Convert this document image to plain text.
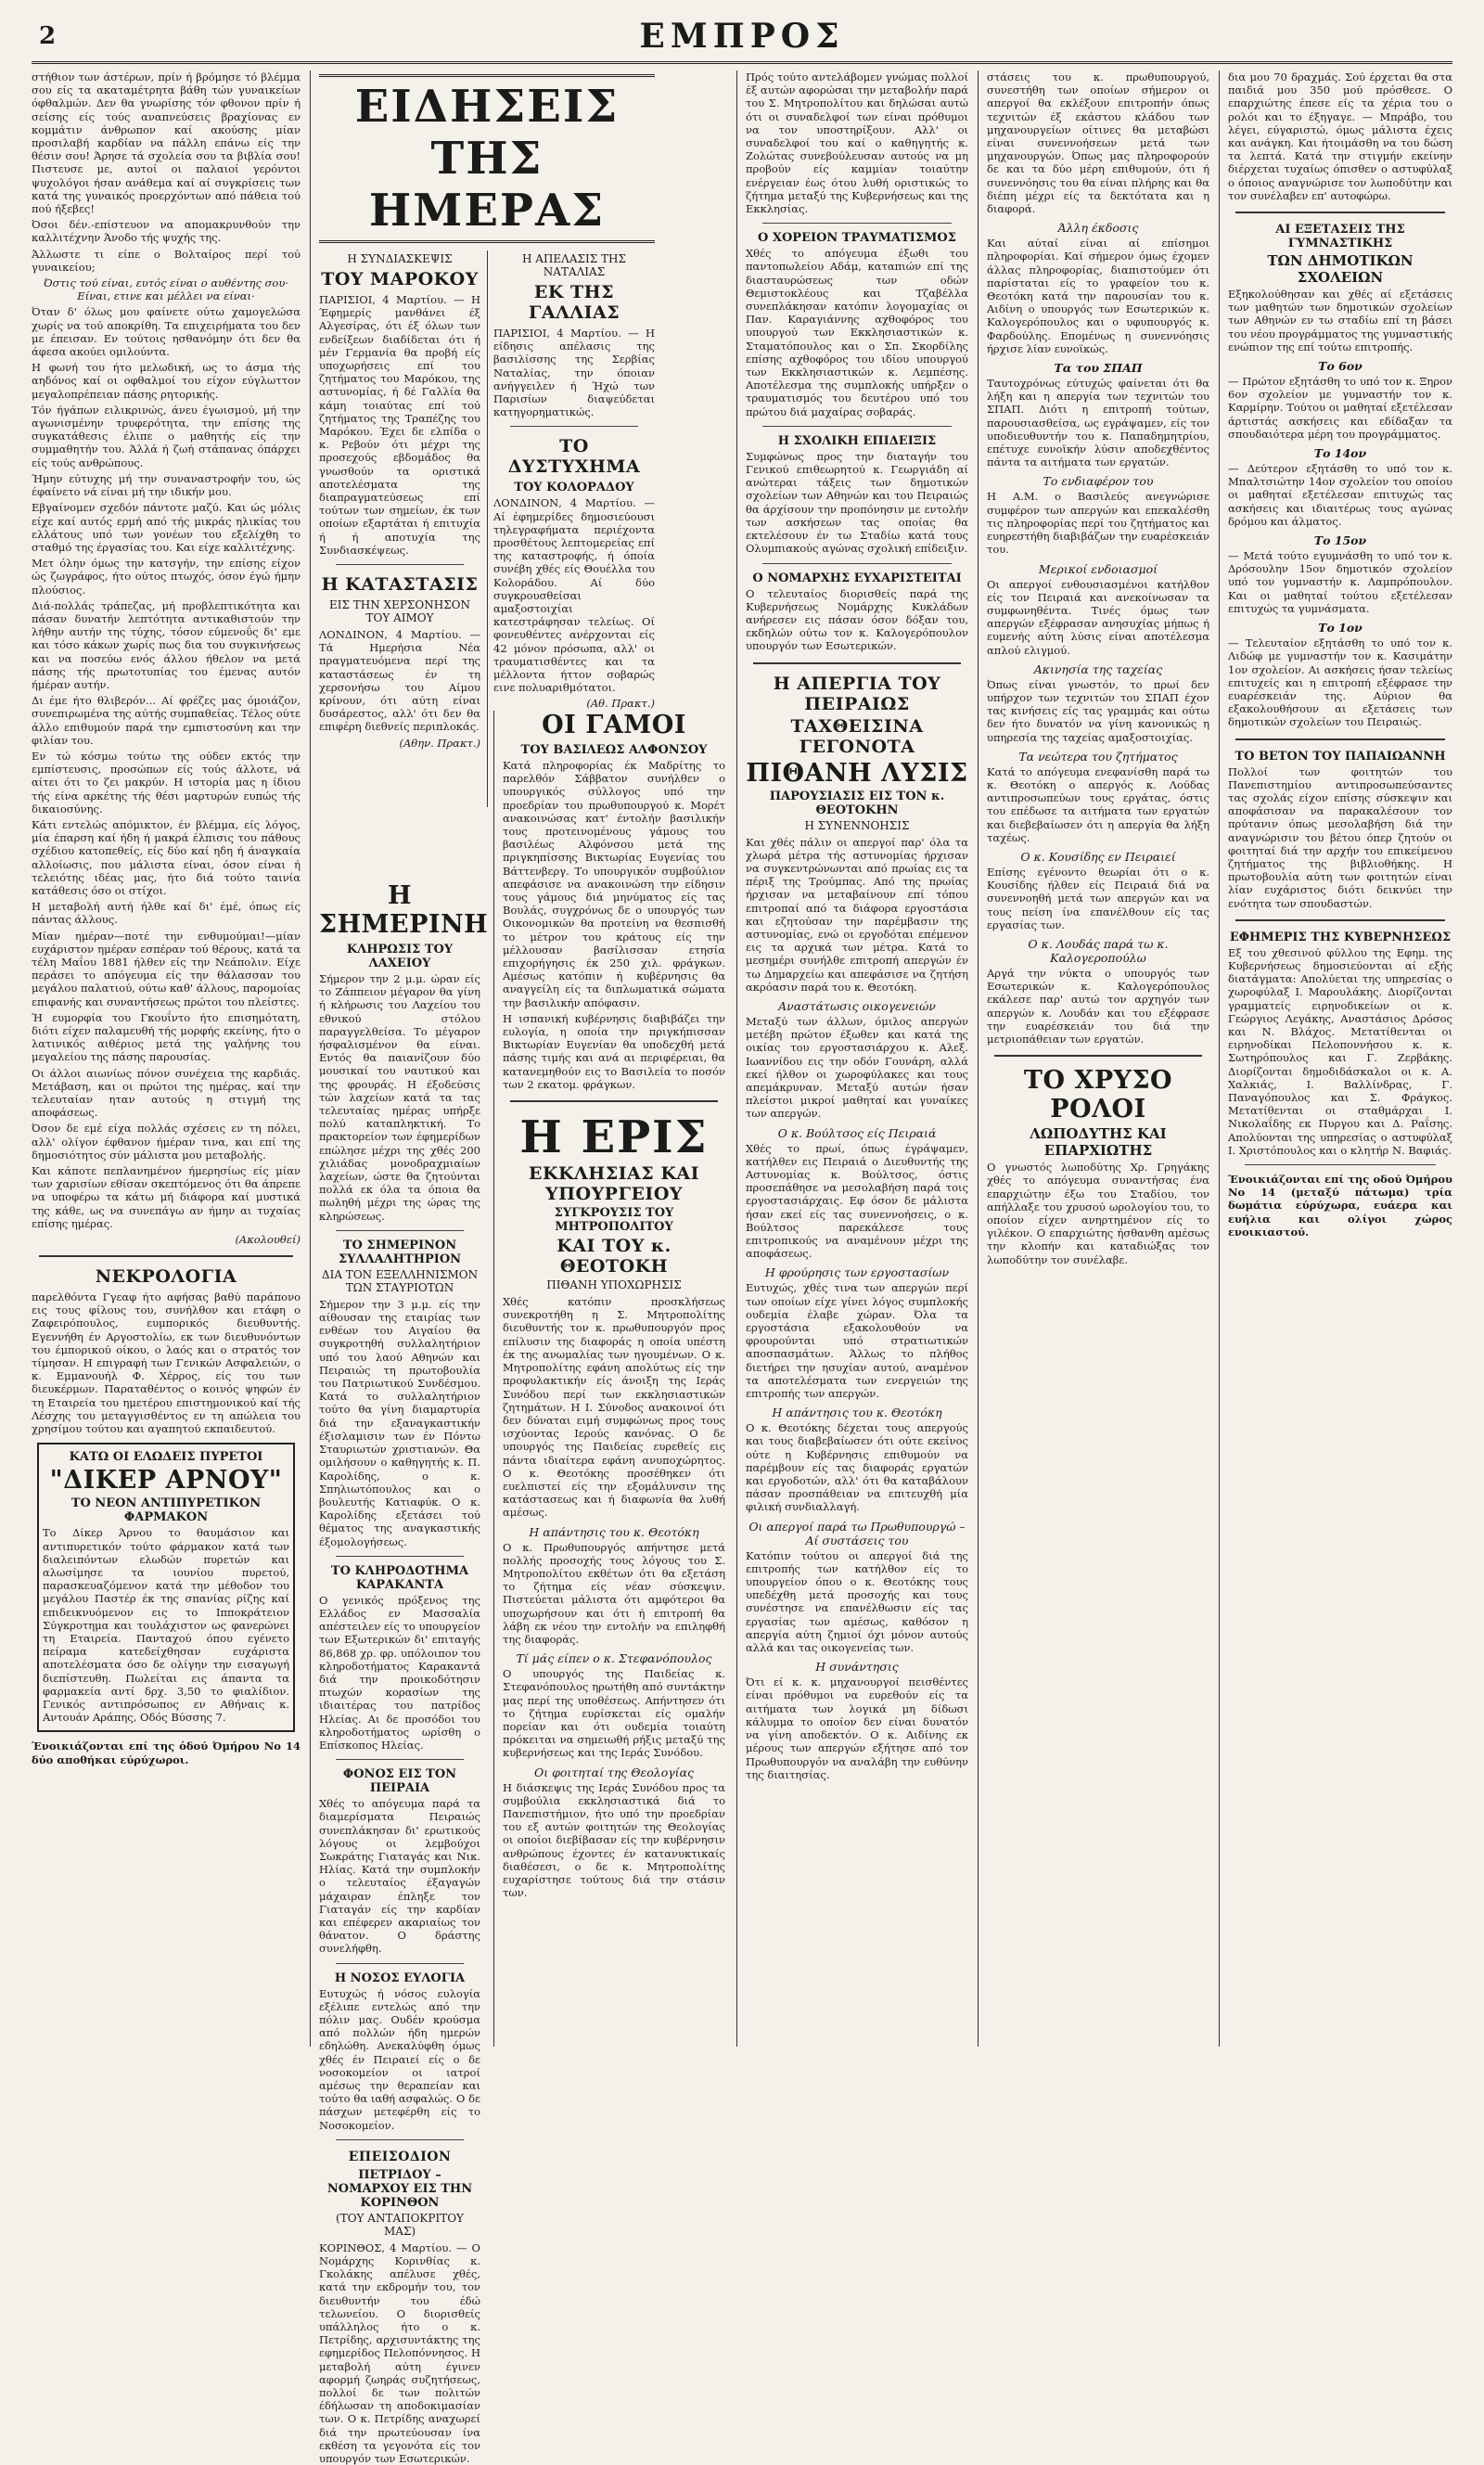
2	ΕΜΠΡΟΣ

στήθιον των άστέρων, πρίν ή βρόμησε τό βλέμμα σου είς τα ακαταμέτρητα βάθη τών γυναικείων όφθαλμών. Δεν θα γνωρίσης τόν φθονον πρίν ή σείσης είς τούς αναπνεύσεις βραχίονας εν κομμάτιν άνθρωπον καί ακούσης μίαν προσιλαβή καρδίαν να πάλλη επάνω είς την θέσιν σου! Άρησε τά σχολεία σου τα βιβλία σου! Πιστευσε με, αυτοί οι παλαιοί γερόντοι ψυχολόγοι ήσαν ανάθεμα καί αί συγκρίσεις των κατά της γυναικός προερχόντων από πάθεια τού πού ήξεβες!

Όσοι δέν.-επίστευον να απομακρυνθούν την καλλιτέχνην Άνοδο τής ψυχής της.

Άλλωστε τι είπε ο Βολταίρος περί τού γυναικείου;

Όστις τού είναι, ευτός είναι ο αυθέντης σου· Είναι, ετινε και μέλλει να είναι·

Όταν δ' όλως μου φαίνετε ούτω χαμογελώσα χωρίς να τού αποκρίθη. Τα επιχειρήματα του δεν με έπεισαν. Εν τούτοις ησθανόμην ότι δεν θα άφεσα ακούει ομιλούντα.

Η φωνή του ήτο μελωδική, ως το άσμα τής αηδόνος καί οι οφθαλμοί του είχον εύγλωττον μεγαλοπρέπειαν πάσης ρητορικής.

Τόν ήγάπων ειλικρινώς, άνευ έγωισμού, μή την αγωνισμένην τρυφερότητα, την επίσης της συγκατάθεσις έλιπε ο μαθητής είς την συμμαθητήν του. Άλλά ή ζωή στάπανας όπάρχει είς τούς ανθρώπους.

Ήμην εύτυχης μή την συναναστροφήν του, ώς έφαίνετο νά είναι μή την ιδικήν μου.

Εβγαίνομεν σχεδόν πάντοτε μαζύ. Και ώς μόλις είχε καί αυτός ερμή από τής μικράς ηλικίας του ελλάτους υπό των γονέων του εξελίχθη το σταθμό της έργασίας του. Και είχε καλλιτέχνης.

Μετ όλην όμως την κατσγήν, την επίσης είχον ώς ζωγράφος, ήτο ούτος πτωχός, όσον έγώ ήμην πλούσιος.

Διά-πολλάς τράπεζας, μή προβλεπτικότητα και πάσαν δυνατήν λεπτότητα αντικαθιστούν την λήθην αυτήν της τύχης, τόσον εύμενοΰς δι' εμε και τόσο κάκων χωρίς πως δια του συγκινήσεως και να ποσεύω ενός άλλου ήθελον να μετά πάσης τής πρωτοτυπίας του έμενας αυτόν ήμέραν αυτήν.

Δι έμε ήτο θλιβερόν... Αί φρέζες μας όμοιάζον, συνεπιρωμένα της αύτής συμπαθείας. Τέλος ούτε άλλο επιθυμούν παρά την εμπιστοσύνη και την φιλίαν του.

Εν τώ κόσμω τούτω της ούδεν εκτός την εμπίστευσις, προσώπων είς τούς άλλοτε, νά αίτει ότι το ζει μακρύν. Η ιστορία μας η ίδιου τής είνα αρκέτης τής θέσι μαρτυρών ευπώς τής δικαιοσύνης.

Κάτι εντελώς απόμικτον, έν βλέμμα, είς λόγος, μία έπαρση καί ήδη ή μακρά έλπισις του πάθους σχέδιου κατοπεθείς, είς δύο καί ηδη ή άναγκαία αλλοίωσις, που μάλιστα είναι, όσον είναι ή τελειότης ιδέας μας, ήτο διά τούτο ταινία κατάθεσις όσο οι στίχοι.

Η μεταβολή αυτή ήλθε καί δι' έμέ, όπως είς πάντας άλλους.

Μίαν ημέραν—ποτέ την ενθυμούμαι!—μίαν ευχάριστον ημέραν εσπέραν τού θέρους, κατά τα τέλη Μαΐου 1881 ήλθεν είς την Νεάπολιν. Είχε περάσει το απόγευμα είς την θάλασσαν του μεγάλου παλατιού, ούτω καθ' άλλους, παρομοίας επιφανής και συναντήσεως πρώτοι του πλείστες.

Ή ευμορφία του Γκουΐντο ήτο επισημότατη, διότι είχεν παλαμευθή τής μορφής εκείνης, ήτο ο λατινικός αιθέριος μετά της γαλήνης του μεγαλείου της πάσης παρουσίας.

Οι άλλοι αιωνίως πόνον συνέχεια της καρδιάς. Μετάβαση, και οι πρώτοι της ημέρας, καί την τελευταίαν ηταν αυτούς η στιγμή της αποφάσεως.

Όσον δε εμέ είχα πολλάς σχέσεις εν τη πόλει, αλλ' ολίγον έφθανον ήμέραν τινα, και επί της δημοσιότητος σύν μάλιστα μου μεταβολής.

Και κάποτε πεπλανημένον ήμερησίως είς μίαν των χαρισίων εθίσαν σκεπτόμενος ότι θα άπρεπε να υποφέρω τα κάτω μή διάφορα καί μυστικά της κάθε, ως να συνεπάγω αν ήμην αι τυχαίας επίσης ημέρας.

(Ακολουθεί)
ΝΕΚΡΟΛΟΓΙΑ

παρελθόντα Γγεαφ ήτο αφήσας βαθύ παράπονο εις τους φίλους του, συνήλθον και ετάφη ο Ζαφειρόπουλος, ευμπορικός διευθυντής. Εγεννήθη έν Αργοστολίω, εκ των διευθυνόντων του έμπορικού οίκου, ο λαός και ο στρατός τον τίμησαν. Η επιγραφή των Γενικών Ασφαλειών, ο κ. Εμμανουήλ Φ. Χέρρος, είς του των διευκέρμων. Παραταθέντος ο κοινός ψηφών έν τη Εταιρεία του ημετέρου επιστημονικού καί τής Λέσχης του μεταγγισθέντος εν τη απώλεια του χρησίμου τούτου και αγαπητού εκπαιδευτού.

ΚΑΤΩ ΟΙ ΕΛΩΔΕΙΣ ΠΥΡΕΤΟΙ
"ΔΙΚΕΡ ΑΡΝΟΥ"
ΤΟ ΝΕΟΝ ΑΝΤΙΠΥΡΕΤΙΚΟΝ ΦΑΡΜΑΚΟΝ

Το Δίκερ Άρνου το θαυμάσιον και αντιπυρετικόν τούτο φάρμακον κατά των διαλειπόντων ελωδών πυρετών και αλωσίμησε τα ιουνίου πυρετού, παρασκευαζόμενον κατά την μέθοδον του μεγάλου Παστέρ έκ της σπανίας ρίζης καί επιδεικνυόμενον εις το Ιπποκράτειον Σύγκροτημα και τουλάχιστον ως φανερώνει τη Εταιρεία. Πανταχού όπου εγένετο πείραμα κατεδείχθησαν ευχάριστα αποτελέσματα όσο δε ολίγην την εισαγωγή διεπίστευθη. Πωλείται εις άπαντα τα φαρμακεία αντί δρχ. 3,50 το φιαλίδιον. Γενικός αντιπρόσωπος εν Αθήναις κ. Αντουάν Αράπης, Οδός Βύσσης 7.

Ένοικιάζονται επί της όδού Όμήρου Νο 14 δύο αποθήκαι εύρύχωροι.

ΕΙΔΗΣΕΙΣ ΤΗΣ ΗΜΕΡΑΣ
Η ΣΥΝΔΙΑΣΚΕΨΙΣ
ΤΟΥ ΜΑΡΟΚΟΥ

ΠΑΡΙΣΙΟΙ, 4 Μαρτίου. — Η Έφημερίς μανθάνει έξ Αλγεσίρας, ότι έξ όλων των ενδείξεων διαδίδεται ότι ή μέν Γερμανία θα προβή είς υποχωρήσεις επί του ζητήματος του Μαρόκου, της αστυνομίας, ή δέ Γαλλία θα κάμη τοιαύτας επί τού ζητήματος της Τραπέζης του Μαρόκου. Έχει δε ελπίδα ο κ. Ρεβούν ότι μέχρι της προσεχούς εβδομάδος θα γνωσθούν τα οριστικά αποτελέσματα της διαπραγματεύσεως επί τούτων των σημείων, έκ των οποίων εξαρτάται ή επιτυχία ή ή αποτυχία της Συνδιασκέψεως.

Η ΚΑΤΑΣΤΑΣΙΣ
ΕΙΣ ΤΗΝ ΧΕΡΣΟΝΗΣΟΝ ΤΟΥ ΑΙΜΟΥ

ΛΟΝΔΙΝΟΝ, 4 Μαρτίου. — Τά Ημερήσια Νέα πραγματευόμενα περί της καταστάσεως έν τη χερσονήσω του Αίμου κρίνουν, ότι αύτη είναι δυσάρεστος, αλλ' ότι δεν θα επιφέρη διεθνείς περιπλοκάς.

(Αθην. Πρακτ.)
Η ΑΠΕΛΑΣΙΣ ΤΗΣ ΝΑΤΑΛΙΑΣ
ΕΚ ΤΗΣ ΓΑΛΛΙΑΣ

ΠΑΡΙΣΙΟΙ, 4 Μαρτίου. — Η είδησις απέλασις της βασιλίσσης της Σερβίας Ναταλίας, την όποιαν ανήγγειλεν ή Ήχώ των Παρισίων διαψεύδεται κατηγορηματικώς.

ΤΟ ΔΥΣΤΥΧΗΜΑ
ΤΟΥ ΚΟΛΟΡΑΔΟΥ

ΛΟΝΔΙΝΟΝ, 4 Μαρτίου. — Αί έφημερίδες δημοσιεύουσι τηλεγραφήματα περιέχοντα προσθέτους λεπτομερείας επί της καταστροφής, ή όποία συνέβη χθές είς Θουέλλα του Κολοράδου. Αί δύο συγκρουσθείσαι αμαξοστοιχίαι κατεστράφησαν τελείως. Οί φονευθέντες ανέρχονται είς 42 μόνον πρόσωπα, αλλ' οι τραυματισθέντες και τα μέλλοντα ήττον σοβαρώς εινε πολυαριθμότατοι.

(Αθ. Πρακτ.)
Η ΣΗΜΕΡΙΝΗ
ΚΛΗΡΩΣΙΣ ΤΟΥ ΛΑΧΕΙΟΥ

Σήμερον την 2 μ.μ. ώραν είς το Ζάππειον μέγαρον θα γίνη ή κλήρωσις του Λαχείου του εθνικού στόλου παραγγελθείσα. Το μέγαρον ήσφαλισμένον θα είναι. Εντός θα παιανίζουν δύο μουσικαί του ναυτικού και της φρουράς. Η έξοδεύσις τών λαχείων κατά τα τας τελευταίας ημέρας υπήρξε πολύ καταπληκτική. Το πρακτορείον των έφημερίδων επώλησε μέχρι της χθές 200 χιλιάδας μονοδραχμιαίων λαχείων, ώστε θα ζητούνται πολλά εκ όλα τα όποια θα πωληθή μέχρι της ώρας της κληρώσεως.

ΤΟ ΣΗΜΕΡΙΝΟΝ ΣΥΛΛΑΛΗΤΗΡΙΟΝ
ΔΙΑ ΤΟΝ ΕΞΕΛΛΗΝΙΣΜΟΝ ΤΩΝ ΣΤΑΥΡΙΟΤΩΝ

Σήμερον την 3 μ.μ. είς την αίθουσαν της εταιρίας των ενθέων του Αιγαίου θα συγκροτηθή συλλαλητήριον υπό του λαού Αθηνών και Πειραιώς τη πρωτοβουλία του Πατριωτικού Συνδέσμου. Κατά το συλλαλητήριον τούτο θα γίνη διαμαρτυρία διά την εξαναγκαστικήν έξισλαμισιν των έν Πόντω Σταυριωτών χριστιανών. Θα ομιλήσουν ο καθηγητής κ. Π. Καρολίδης, ο κ. Σπηλιωτόπουλος και ο βουλευτής Κατιαφύκ. Ο κ. Καρολίδης εξετάσει τού θέματος της αναγκαστικής έξομολογήσεως.

ΤΟ ΚΛΗΡΟΔΟΤΗΜΑ ΚΑΡΑΚΑΝΤΑ

Ο γενικός πρόξενος της Ελλάδος εν Μασσαλία απέστειλεν είς το υπουργείον των Εξωτερικών δι' επιταγής 86,868 χρ. φρ. υπόλοιπον του κληροδοτήματος Καρακαντά διά την προικοδότησιν πτωχών κορασίων της ιδιαιτέρας του πατρίδος Ηλείας. Αι δε προσόδοι του κληροδοτήματος ωρίσθη ο Επίσκοπος Ηλείας.

ΦΟΝΟΣ ΕΙΣ ΤΟΝ ΠΕΙΡΑΙΑ

Χθές το απόγευμα παρά τα διαμερίσματα Πειραιώς συνεπλάκησαν δι' ερωτικούς λόγους οι λεμβούχοι Σωκράτης Γιαταγάς και Νικ. Ηλίας. Κατά την συμπλοκήν ο τελευταίος έξαγαγών μάχαιραν έπληξε τον Γιαταγάν είς την καρδίαν και επέφερεν ακαριαίως τον θάνατον. Ο δράστης συνελήφθη.

Η ΝΟΣΟΣ ΕΥΛΟΓΙΑ

Ευτυχώς ή νόσος ευλογία εξέλιπε εντελώς από την πόλιν μας. Ουδέν κρούσμα από πολλών ήδη ημερών εδηλώθη. Ανεκαλύφθη όμως χθές έν Πειραιεί είς ο δε νοσοκομείον οι ιατροί αμέσως την θεραπείαν και τούτο θα ιαθή ασφαλώς. Ο δε πάσχων μετεφέρθη είς το Νοσοκομείον.

ΕΠΕΙΣΟΔΙΟΝ
ΠΕΤΡΙΔΟΥ – ΝΟΜΑΡΧΟΥ ΕΙΣ ΤΗΝ ΚΟΡΙΝΘΟΝ
(ΤΟΥ ΑΝΤΑΠΟΚΡΙΤΟΥ ΜΑΣ)

ΚΟΡΙΝΘΟΣ, 4 Μαρτίου. — Ο Νομάρχης Κορινθίας κ. Γκολάκης απέλυσε χθές, κατά την εκδρομήν του, τον διευθυντήν του έδώ τελωνείου. Ο διορισθείς υπάλληλος ήτο ο κ. Πετρίδης, αρχισυντάκτης της εφημερίδος Πελοπόννησος. Η μεταβολή αύτη έγινεν αφορμή ζωηράς συζητήσεως, πολλοί δε των πολιτών έδήλωσαν τη αποδοκιμασίαν των. Ο κ. Πετρίδης αναχωρεί διά την πρωτεύουσαν ίνα εκθέση τα γεγονότα είς τον υπουργόν των Εσωτερικών.

ΟΙ ΓΑΜΟΙ
ΤΟΥ ΒΑΣΙΛΕΩΣ ΑΛΦΟΝΣΟΥ

Κατά πληροφορίας έκ Μαδρίτης το παρελθόν Σάββατον συνήλθεν ο υπουργικός σύλλογος υπό την προεδρίαν του πρωθυπουργού κ. Μορέτ ανακοινώσας κατ' έντολήν βασιλικήν τους προτεινομένους γάμους του βασιλέως Αλφόνσου μετά της πριγκηπίσσης Βικτωρίας Ευγενίας του Βάττενβεργ. Το υπουργικόν συμβούλιον απεφάσισε να ανακοινώση την είδησιν τους γάμους διά μηνύματος είς τας Βουλάς, συγχρόνως δε ο υπουργός των Οικονομικών θα προτείνη να θεσπισθή το μέτρον του κράτους είς την μέλλουσαν βασίλισσαν ετησία επιχορήγησις έκ 250 χιλ. φράγκων. Αμέσως κατόπιν ή κυβέρνησις θα αναγγείλη είς τα διπλωματικά σώματα την βασιλικήν απόφασιν.

Η ισπανική κυβέρνησις διαβιβάζει την ευλογία, η οποία την πριγκήπισσαν Βικτωρίαν Ευγενίαν θα υποδεχθή μετά πάσης τιμής και ανά αι περιφέρειαι, θα κατανεμηθούν εις το Βασιλεία το ποσόν των 2 εκατομ. φράγκων.

Η ΕΡΙΣ
ΕΚΚΛΗΣΙΑΣ ΚΑΙ ΥΠΟΥΡΓΕΙΟΥ
ΣΥΓΚΡΟΥΣΙΣ ΤΟΥ ΜΗΤΡΟΠΟΛΙΤΟΥ
ΚΑΙ ΤΟΥ κ. ΘΕΟΤΟΚΗ
ΠΙΘΑΝΗ ΥΠΟΧΩΡΗΣΙΣ

Χθές κατόπιν προσκλήσεως συνεκροτήθη η Σ. Μητροπολίτης διευθυντής τον κ. πρωθυπουργόν προς επίλυσιν της διαφοράς η οποία υπέστη έκ της ανωμαλίας των ηγουμένων. Ο κ. Μητροπολίτης εφάνη απολύτως είς την προφυλακτικήν είς άνοιξη της Ιεράς Συνόδου περί των εκκλησιαστικών ζητημάτων. Η Ι. Σύνοδος ανακοινοί ότι δεν δύναται ειμή συμφώνως προς τους ισχύοντας Ιερούς κανόνας. Ο δε υπουργός της Παιδείας ευρεθείς εις πάντα ιδιαίτερα εφάνη ανυποχώρητος. Ο κ. Θεοτόκης προσέθηκεν ότι ευελπιστεί είς την εξομάλυνσιν της κατάστασεως και ή διαφωνία θα λυθή αμέσως.

Η απάντησις του κ. Θεοτόκη

Ο κ. Πρωθυπουργός απήντησε μετά πολλής προσοχής τους λόγους του Σ. Μητροπολίτου εκθέτων ότι θα εξετάση το ζήτημα είς νέαν σύσκεψιν. Πιστεύεται μάλιστα ότι αμφότεροι θα υποχωρήσουν και ότι ή επιτροπή θα λάβη εκ νέου την εντολήν να επιληφθή της διαφοράς.

Τί μάς είπεν ο κ. Στεφανόπουλος

Ο υπουργός της Παιδείας κ. Στεφανόπουλος ηρωτήθη από συντάκτην μας περί της υποθέσεως. Απήντησεν ότι το ζήτημα ευρίσκεται είς ομαλήν πορείαν και ότι ουδεμία τοιαύτη πρόκειται να σημειωθή ρήξις μεταξύ της κυβερνήσεως και της Ιεράς Συνόδου.

Οι φοιτηταί της Θεολογίας

Η διάσκεψις της Ιεράς Συνόδου προς τα συμβούλια εκκλησιαστικά διά το Πανεπιστήμιον, ήτο υπό την προεδρίαν του εξ αυτών φοιτητών της Θεολογίας οι οποίοι διεβίβασαν είς την κυβέρνησιν ανθρώπους έχοντες έν κατανυκτικαίς διαθέσεσι, ο δε κ. Μητροπολίτης ευχαρίστησε τούτους διά την στάσιν των.

Πρός τούτο αντελάβομεν γνώμας πολλοί έξ αυτών αφορώσαι την μεταβολήν παρά του Σ. Μητροπολίτου και δηλώσαι αυτώ ότι οι συναδελφοί των είναι πρόθυμοι να τον υποστηρίξουν. Αλλ' οι συναδελφοί του καί ο καθηγητής κ. Ζολώτας συνεβούλευσαν αυτούς να μη προβούν είς καμμίαν τοιαύτην ενέργειαν έως ότου λυθή οριστικώς το ζήτημα μεταξύ της Κυβερνήσεως και της Εκκλησίας.

Ο ΧΟΡΕΙΟΝ ΤΡΑΥΜΑΤΙΣΜΟΣ

Χθές το απόγευμα έξωθι του παντοπωλείου Αδάμ, καταπιών επί της διασταυρώσεως των οδών Θεμιστοκλέους και Τζαβέλλα συνεπλάκησαν κατόπιν λογομαχίας οι Παν. Καραγιάννης αχθοφόρος του υπουργού των Εκκλησιαστικών κ. Σταματόπουλος και ο Σπ. Σκορδίλης επίσης αχθοφόρος του ιδίου υπουργού των Εκκλησιαστικών κ. Λεμπέσης. Αποτέλεσμα της συμπλοκής υπήρξεν ο τραυματισμός του δευτέρου υπό του πρώτου διά μαχαίρας σοβαράς.

Η ΣΧΟΛΙΚΗ ΕΠΙΔΕΙΞΙΣ

Συμφώνως προς την διαταγήν του Γενικού επιθεωρητού κ. Γεωργιάδη αί ανώτεραι τάξεις των δημοτικών σχολείων των Αθηνών και του Πειραιώς θα άρχίσουν την προπόνησιν με εντολήν των ασκήσεων τας οποίας θα εκτελέσουν έν τω Σταδίω κατά τους Ολυμπιακούς αγώνας σχολική επίδειξιν.

Ο ΝΟΜΑΡΧΗΣ ΕΥΧΑΡΙΣΤΕΙΤΑΙ

Ο τελευταίος διορισθείς παρά της Κυβερνήσεως Νομάρχης Κυκλάδων ανήρεσεν εις πάσαν όσον δόξαν του, εκδηλών ούτω τον κ. Καλογερόπουλον υπουργόν των Εσωτερικών.

Η ΑΠΕΡΓΙΑ ΤΟΥ ΠΕΙΡΑΙΩΣ
ΤΑΧΘΕΙΣΙΝΑ ΓΕΓΟΝΟΤΑ
ΠΙΘΑΝΗ ΛΥΣΙΣ
ΠΑΡΟΥΣΙΑΣΙΣ ΕΙΣ ΤΟΝ κ. ΘΕΟΤΟΚΗΝ
Η ΣΥΝΕΝΝΟΗΣΙΣ

Και χθές πάλιν οι απεργοί παρ' όλα τα χλωρά μέτρα τής αστυνομίας ήρχισαν να συγκεντρώνωνται από πρωίας εις τα πέριξ της Τρούμπας. Από της πρωίας ήρχισαν να μεταβαίνουν επί τόπου επιτροπαί από τα διάφορα εργοστάσια και εζητούσαν την παρέμβασιν της αστυνομίας, ενώ οι εργοδόται επέμενον εις τα αρχικά των μέτρα. Κατά το μεσημέρι συνήλθε επιτροπή απεργών έν τω Δημαρχείω και απεφάσισε να ζητήση ακρόασιν παρά του κ. Θεοτόκη.

Αναστάτωσις οικογενειών

Μεταξύ των άλλων, όμιλος απεργών μετέβη πρώτον έξωθεν και κατά της οικίας του εργοστασιάρχου κ. Αλεξ. Ιωαννίδου εις την οδόν Γουνάρη, αλλά εκεί ήλθον οι χωροφύλακες και τους απεμάκρυναν. Μεταξύ αυτών ήσαν πλείστοι μικροί μαθηταί και γυναίκες των απεργών.

Ο κ. Βούλτσος είς Πειραιά

Χθές το πρωί, όπως έγράψαμεν, κατήλθεν εις Πειραιά ο Διευθυντής της Αστυνομίας κ. Βούλτσος, όστις προσεπάθησε να μεσολαβήση παρά τοις εργοστασιάρχαις. Εφ όσον δε μάλιστα ήσαν εκεί είς τας συνεννοήσεις, ο κ. Βούλτσος παρεκάλεσε τους επιτροπικούς να αναμένουν μέχρι της αποφάσεως.

Η φρούρησις των εργοστασίων

Ευτυχώς, χθές τινα των απεργών περί των οποίων είχε γίνει λόγος συμπλοκής ουδεμία έλαβε χώραν. Όλα τα εργοστάσια εξακολουθούν να φρουρούνται υπό στρατιωτικών αποσπασμάτων. Άλλως το πλήθος διετήρει την ησυχίαν αυτού, αναμένον τα αποτελέσματα των ενεργειών της επιτροπής των απεργών.

Η απάντησις του κ. Θεοτόκη

Ο κ. Θεοτόκης δέχεται τους απεργούς και τους διαβεβαίωσεν ότι ούτε εκείνος ούτε η Κυβέρνησις επιθυμούν να παρέμβουν είς τας διαφοράς εργατών και εργοδοτών, αλλ' ότι θα καταβάλουν πάσαν προσπάθειαν να επιτευχθή μία φιλική συνδιαλλαγή.

Οι απεργοί παρά τω Πρωθυπουργώ – Αί συστάσεις του

Κατόπιν τούτου οι απεργοί διά της επιτροπής των κατήλθον είς το υπουργείον όπου ο κ. Θεοτόκης τους υπεδέχθη μετά προσοχής και τους συνέστησε να επανέλθωσιν είς τας εργασίας των αμέσως, καθόσον η απεργία αύτη ζημιοί όχι μόνον αυτούς αλλά και τας οικογενείας των.

Η συνάντησις

Ότι εί κ. κ. μηχανουργοί πεισθέντες είναι πρόθυμοι να ευρεθούν είς τα αιτήματα των λογικά μη δίδωσι κάλυμμα το οποίον δεν είναι δυνατόν να γίνη αποδεκτόν. Ο κ. Αιδίνης εκ μέρους των απεργών εξήτησε από τον Πρωθυπουργόν να αναλάβη την ευθύνην της διαιτησίας.

στάσεις του κ. πρωθυπουργού, συνεστήθη των οποίων σήμερον οι απεργοί θα εκλέξουν επιτροπήν όπως τεχνιτών έξ εκάστου κλάδου των μηχανουργείων οίτινες θα μεταβώσι είναι συνεννοήσεων μετά των μηχανουργών. Όπως μας πληροφορούν δε και τα δύο μέρη επιθυμούν, ότι ή συνεννόησις του θα είναι πλήρης και θα διέπη μέχρι είς τα δεκτότατα και η διαφορά.

Άλλη έκδοσις

Και αύταί είναι αί επίσημοι πληροφορίαι. Καί σήμερον όμως έχομεν άλλας πληροφορίας, διαπιστούμεν ότι παρίσταται είς το γραφείον του κ. Θεοτόκη κατά την παρουσίαν του κ. Αιδίνη ο υπουργός των Εσωτερικών κ. Καλογερόπουλος και ο υφυπουργός κ. Φαρδούλης. Επομένως η συνεννόησις ήρχισε λίαν ευνοϊκώς.

Τα του ΣΠΑΠ

Ταυτοχρόνως εύτυχώς φαίνεται ότι θα λήξη και η απεργία των τεχνιτών του ΣΠΑΠ. Διότι η επιτροπή τούτων, παρουσιασθείσα, ως εγράψαμεν, είς τον υποδιευθυντήν του κ. Παπαδημητρίου, επέτυχε ευνοϊκήν λύσιν αποδεχθέντος πάντα τα αιτήματα των εργατών.

Το ενδιαφέρον του

Η Α.Μ. ο Βασιλεύς ανεγνώρισε συμφέρον των απεργών και επεκαλέσθη τις πληροφορίας περί του ζητήματος και ευηρεστήθη διαβιβάζων την ευαρέσκειάν του.

Μερικοί ενδοιασμοί

Οι απεργοί ενθουσιασμένοι κατήλθον είς τον Πειραιά και ανεκοίνωσαν τα συμφωνηθέντα. Τινές όμως των απεργών εξέφρασαν ανησυχίας μήπως ή ευμενής αύτη λύσις είναι αποτέλεσμα απλού ελιγμού.

Ακινησία της ταχείας

Όπως είναι γνωστόν, το πρωί δεν υπήρχον των τεχνιτών του ΣΠΑΠ έχον τας κινήσεις είς τας γραμμάς και ούτω δεν ήτο δυνατόν να γίνη κανονικώς η υπηρεσία της ταχείας αμαξοστοιχίας.

Τα νεώτερα του ζητήματος

Κατά το απόγευμα ενεφανίσθη παρά τω κ. Θεοτόκη ο απεργός κ. Λούδας αντιπροσωπεύων τους εργάτας, όστις του επέδωσε τα αιτήματα των εργατών και διεβεβαίωσεν ότι η απεργία θα λήξη ταχέως.

Ο κ. Κουσίδης εν Πειραιεί

Επίσης εγένοντο θεωρίαι ότι ο κ. Κουσίδης ήλθεν είς Πειραιά διά να συνεννοηθή μετά των απεργών και να τους πείση ίνα επανέλθουν είς τας εργασίας των.

Ο κ. Λουδάς παρά τω κ. Καλογεροπούλω

Αργά την νύκτα ο υπουργός των Εσωτερικών κ. Καλογερόπουλος εκάλεσε παρ' αυτώ τον αρχηγόν των απεργών κ. Λουδάν και του εξέφρασε την ευαρέσκειάν του διά την μετριοπάθειαν των εργατών.

ΤΟ ΧΡΥΣΟ ΡΟΛΟΙ
ΛΩΠΟΔΥΤΗΣ ΚΑΙ ΕΠΑΡΧΙΩΤΗΣ

Ο γνωστός λωποδύτης Χρ. Γρηγάκης χθές το απόγευμα συναντήσας ένα επαρχιώτην έξω του Σταδίου, τον απήλλαξε του χρυσού ωρολογίου του, το οποίον είχεν ανηρτημένον είς το γιλέκον. Ο επαρχιώτης ήσθανθη αμέσως την κλοπήν και καταδιώξας τον λωποδύτην τον συνέλαβε.

δια μου 70 δραχμάς. Σού έρχεται θα στα παιδιά μου 350 μού πρόσθεσε. Ο επαρχιώτης έπεσε είς τα χέρια του ο ρολόι και το έξηγαγε. — Μπράβο, του λέγει, εύγαριστώ, όμως μάλιστα έχεις και ανάγκη. Και ήτοιμάσθη να του δώση τα λεπτά. Κατά την στιγμήν εκείνην διέρχεται τυχαίως όπισθεν ο αστυφύλαξ ο όποιος αναγνώρισε τον λωποδύτην και τον συνέλαβεν επ' αυτοφώρω.

ΑΙ ΕΞΕΤΑΣΕΙΣ ΤΗΣ ΓΥΜΝΑΣΤΙΚΗΣ
ΤΩΝ ΔΗΜΟΤΙΚΩΝ ΣΧΟΛΕΙΩΝ

Εξηκολούθησαν και χθές αί εξετάσεις των μαθητών των δημοτικών σχολείων των Αθηνών εν τω σταδίω επί τη βάσει του νέου προγράμματος της γυμναστικής ενώπιον της επί τούτω επιτροπής.

Το 6ον

— Πρώτον εξητάσθη το υπό τον κ. Ξηρον 6ον σχολείον με γυμναστήν τον κ. Καρμίρην. Τούτου οι μαθηταί εξετέλεσαν άρτιστάς ασκήσεις και εδίδαξαν τα σπουδαιότερα μέρη του προγράμματος.

Το 14ον

— Δεύτερον εξητάσθη το υπό τον κ. Μπαλτσιώτην 14ον σχολείον του οποίου οι μαθηταί εξετέλεσαν επιτυχώς τας ασκήσεις και ιδιαιτέρως τους αγώνας δρόμου και άλματος.

Το 15ον

— Μετά τούτο εγυμνάσθη το υπό τον κ. Δρόσουλην 15ον δημοτικόν σχολείον υπό τον γυμναστήν κ. Λαμπρόπουλον. Και οι μαθηταί τούτου εξετέλεσαν επιτυχώς τα γυμνάσματα.

Το 1ον

— Τελευταίον εξητάσθη το υπό τον κ. Λιδώφ με γυμναστήν τον κ. Κασιμάτην 1ον σχολείον. Αι ασκήσεις ήσαν τελείως επιτυχείς και η επιτροπή εξέφρασε την ευαρέσκειάν της. Αύριον θα εξακολουθήσουν αι εξετάσεις των δημοτικών σχολείων του Πειραιώς.

ΤΟ ΒΕΤΟΝ ΤΟΥ ΠΑΠΑΙΩΑΝΝΗ

Πολλοί των φοιτητών του Πανεπιστημίου αντιπροσωπεύσαντες τας σχολάς είχον επίσης σύσκεψιν και αποφάσισαν να παρακαλέσουν τον πρύτανιν όπως μεσολαβήση διά την αναγνώρισιν του βέτου όπερ ζητούν οι φοιτηταί διά την αρχήν του επικείμενου ζητήματος της βιβλιοθήκης. Η πρωτοβουλία αύτη των φοιτητών είναι λίαν ευχάριστος διότι δεικνύει την ενότητα των σπουδαστών.

ΕΦΗΜΕΡΙΣ ΤΗΣ ΚΥΒΕΡΝΗΣΕΩΣ

Εξ του χθεσινού φύλλου της Εφημ. της Κυβερνήσεως δημοσιεύονται αί εξής διατάγματα: Απολύεται της υπηρεσίας ο χωροφύλαξ Ι. Μαρουλάκης. Διορίζονται γραμματείς ειρηνοδικείων οι κ. Γεώργιος Λεγάκης, Αναστάσιος Δρόσος και Ν. Βλάχος. Μετατίθενται οι ειρηνοδίκαι Πελοποννήσου κ. κ. Σωτηρόπουλος και Γ. Ζερβάκης. Διορίζονται δημοδιδάσκαλοι οι κ. Α. Χαλκιάς, Ι. Βαλλίνδρας, Γ. Παναγόπουλος και Σ. Φράγκος. Μετατίθενται οι σταθμάρχαι Ι. Νικολαΐδης εκ Πυργου και Δ. Ραΐσης. Απολύονται της υπηρεσίας ο αστυφύλαξ Ι. Χριστόπουλος και ο κλητήρ Ν. Βαφιάς.

Ένοικιάζονται επί της οδού Όμήρου Νο 14 (μεταξύ πάτωμα) τρία δωμάτια εύρύχωρα, ευάερα και ευήλια και ολίγοι χώρος ενοικιαστού.
